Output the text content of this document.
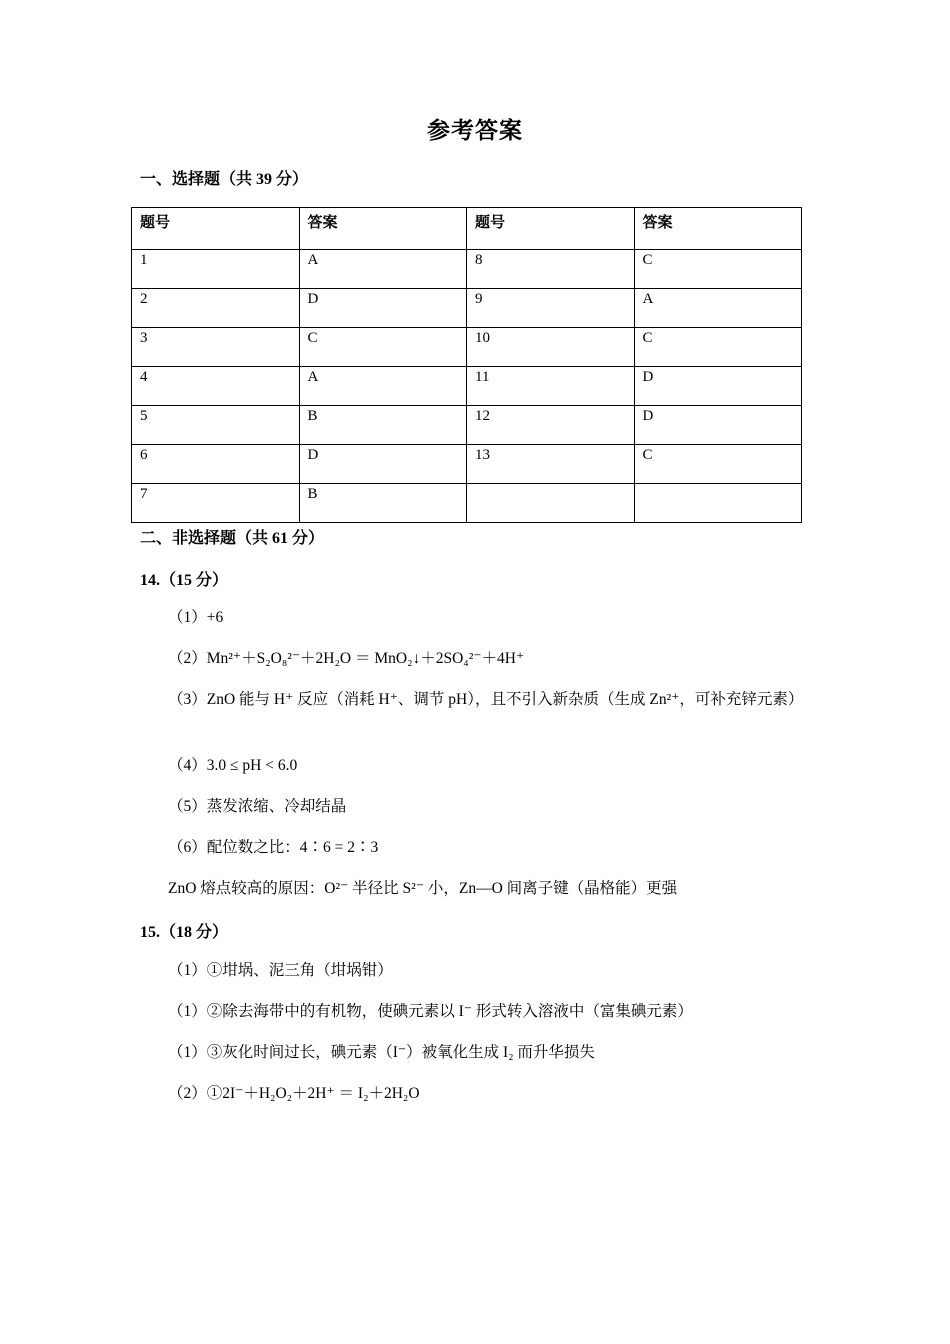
参考答案
一、选择题（共 39 分）
题号	答案	题号	答案
1	A	8	C
2	D	9	A
3	C	10	C
4	A	11	D
5	B	12	D
6	D	13	C
7	B		
二、非选择题（共 61 分）
14.（15 分）
（1）+6
（2）Mn²⁺＋S₂O₈²⁻＋2H₂O ＝ MnO₂↓＋2SO₄²⁻＋4H⁺
（3）ZnO 能与 H⁺ 反应（消耗 H⁺、调节 pH），且不引入新杂质（生成 Zn²⁺，可补充锌元素）
（4）3.0 ≤ pH < 6.0
（5）蒸发浓缩、冷却结晶
（6）配位数之比：4∶6 = 2∶3
ZnO 熔点较高的原因：O²⁻ 半径比 S²⁻ 小，Zn—O 间离子键（晶格能）更强
15.（18 分）
（1）①坩埚、泥三角（坩埚钳）
（1）②除去海带中的有机物，使碘元素以 I⁻ 形式转入溶液中（富集碘元素）
（1）③灰化时间过长，碘元素（I⁻）被氧化生成 I₂ 而升华损失
（2）①2I⁻＋H₂O₂＋2H⁺ ＝ I₂＋2H₂O
